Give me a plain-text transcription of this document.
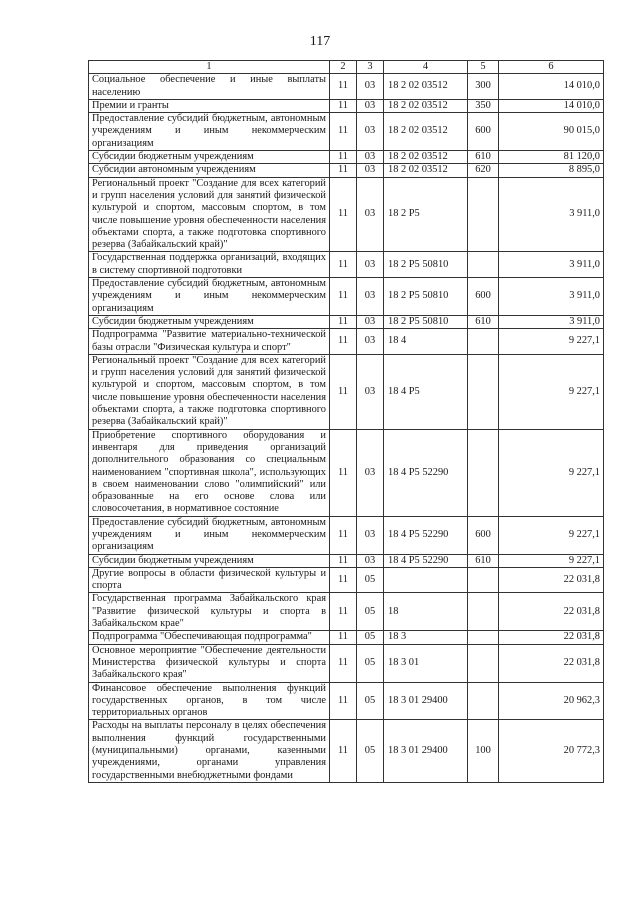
117
1	2	3	4	5	6
Социальное обеспечение и иные выплаты населению	11	03	18 2 02 03512	300	14 010,0
Премии и гранты	11	03	18 2 02 03512	350	14 010,0
Предоставление субсидий бюджетным, автономным учреждениям и иным некоммерческим организациям	11	03	18 2 02 03512	600	90 015,0
Субсидии бюджетным учреждениям	11	03	18 2 02 03512	610	81 120,0
Субсидии автономным учреждениям	11	03	18 2 02 03512	620	8 895,0
Региональный проект "Создание для всех категорий и групп населения условий для занятий физической культурой и спортом, массовым спортом, в том числе повышение уровня обеспеченности населения объектами спорта, а также подготовка спортивного резерва (Забайкальский край)"	11	03	18 2 P5		3 911,0
Государственная поддержка организаций, входящих в систему спортивной подготовки	11	03	18 2 P5 50810		3 911,0
Предоставление субсидий бюджетным, автономным учреждениям и иным некоммерческим организациям	11	03	18 2 P5 50810	600	3 911,0
Субсидии бюджетным учреждениям	11	03	18 2 P5 50810	610	3 911,0
Подпрограмма "Развитие материально-технической базы отрасли "Физическая культура и спорт"	11	03	18 4		9 227,1
Региональный проект "Создание для всех категорий и групп населения условий для занятий физической культурой и спортом, массовым спортом, в том числе повышение уровня обеспеченности населения объектами спорта, а также подготовка спортивного резерва (Забайкальский край)"	11	03	18 4 P5		9 227,1
Приобретение спортивного оборудования и инвентаря для приведения организаций дополнительного образования со специальным наименованием "спортивная школа", использующих в своем наименовании слово "олимпийский" или образованные на его основе слова или словосочетания, в нормативное состояние	11	03	18 4 P5 52290		9 227,1
Предоставление субсидий бюджетным, автономным учреждениям и иным некоммерческим организациям	11	03	18 4 P5 52290	600	9 227,1
Субсидии бюджетным учреждениям	11	03	18 4 P5 52290	610	9 227,1
Другие вопросы в области физической культуры и спорта	11	05			22 031,8
Государственная программа Забайкальского края "Развитие физической культуры и спорта в Забайкальском крае"	11	05	18		22 031,8
Подпрограмма "Обеспечивающая подпрограмма"	11	05	18 3		22 031,8
Основное мероприятие "Обеспечение деятельности Министерства физической культуры и спорта Забайкальского края"	11	05	18 3 01		22 031,8
Финансовое обеспечение выполнения функций государственных органов, в том числе территориальных органов	11	05	18 3 01 29400		20 962,3
Расходы на выплаты персоналу в целях обеспечения выполнения функций государственными (муниципальными) органами, казенными учреждениями, органами управления государственными внебюджетными фондами	11	05	18 3 01 29400	100	20 772,3
